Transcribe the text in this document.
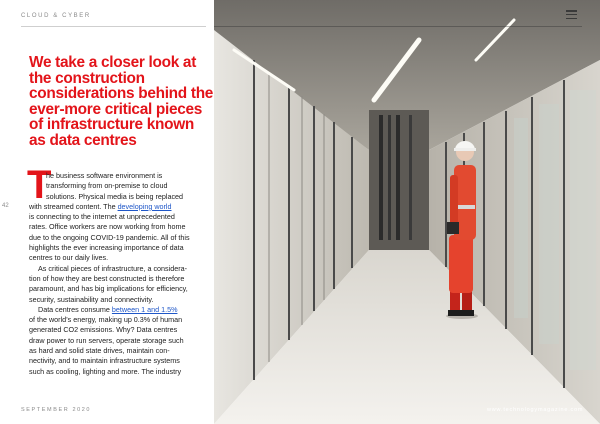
CLOUD & CYBER
We take a closer look at the construction considerations behind the ever-more critical pieces of infrastructure known as data centres
42 T
he business software environment is
transforming from on-premise to cloud
solutions. Physical media is being replaced
with streamed content. The developing world
is connecting to the internet at unprecedented
rates. Office workers are now working from home
due to the ongoing COVID-19 pandemic. All of this
highlights the ever increasing importance of data
centres to our daily lives.
As critical pieces of infrastructure, a considera-
tion of how they are best constructed is therefore
paramount, and has big implications for efficiency,
security, sustainability and connectivity.
Data centres consume between 1 and 1.5%
of the world’s energy, making up 0.3% of human
generated CO2 emissions. Why? Data centres
draw power to run servers, operate storage such
as hard and solid state drives, maintain con-
nectivity, and to maintain infrastructure systems
such as cooling, lighting and more. The industry
SEPTEMBER 2020	www.technologymagazine.com
